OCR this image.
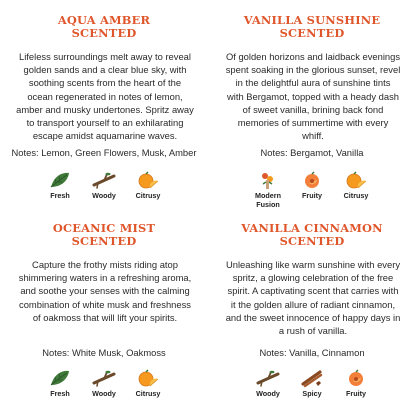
AQUA AMBER
SCENTED
Lifeless surroundings melt away to reveal
golden sands and a clear blue sky, with
soothing scents from the heart of the
ocean regenerated in notes of lemon,
amber and musky undertones. Spritz away
to transport yourself to an exhilarating
escape amidst aquamarine waves.
Notes: Lemon, Green Flowers, Musk, Amber
Fresh	Woody	Citrusy
VANILLA SUNSHINE
SCENTED
Of golden horizons and laidback evenings
spent soaking in the glorious sunset, revel
in the delightful aura of sunshine tints
with Bergamot, topped with a heady dash
of sweet vanilla, brining back fond
memories of summertime with every
whiff.
Notes: Bergamot, Vanilla
Modern Fusion
Fruity	Citrusy
OCEANIC MIST
SCENTED
Capture the frothy mists riding atop
shimmering waters in a refreshing aroma,
and soothe your senses with the calming
combination of white musk and freshness
of oakmoss that will lift your spirits.
Notes: White Musk, Oakmoss
Fresh	Woody	Citrusy
VANILLA CINNAMON
SCENTED
Unleashing like warm sunshine with every
spritz, a glowing celebration of the free
spirit. A captivating scent that carries with
it the golden allure of radiant cinnamon,
and the sweet innocence of happy days in
a rush of vanilla.
Notes: Vanilla, Cinnamon
Woody	Spicy	Fruity
